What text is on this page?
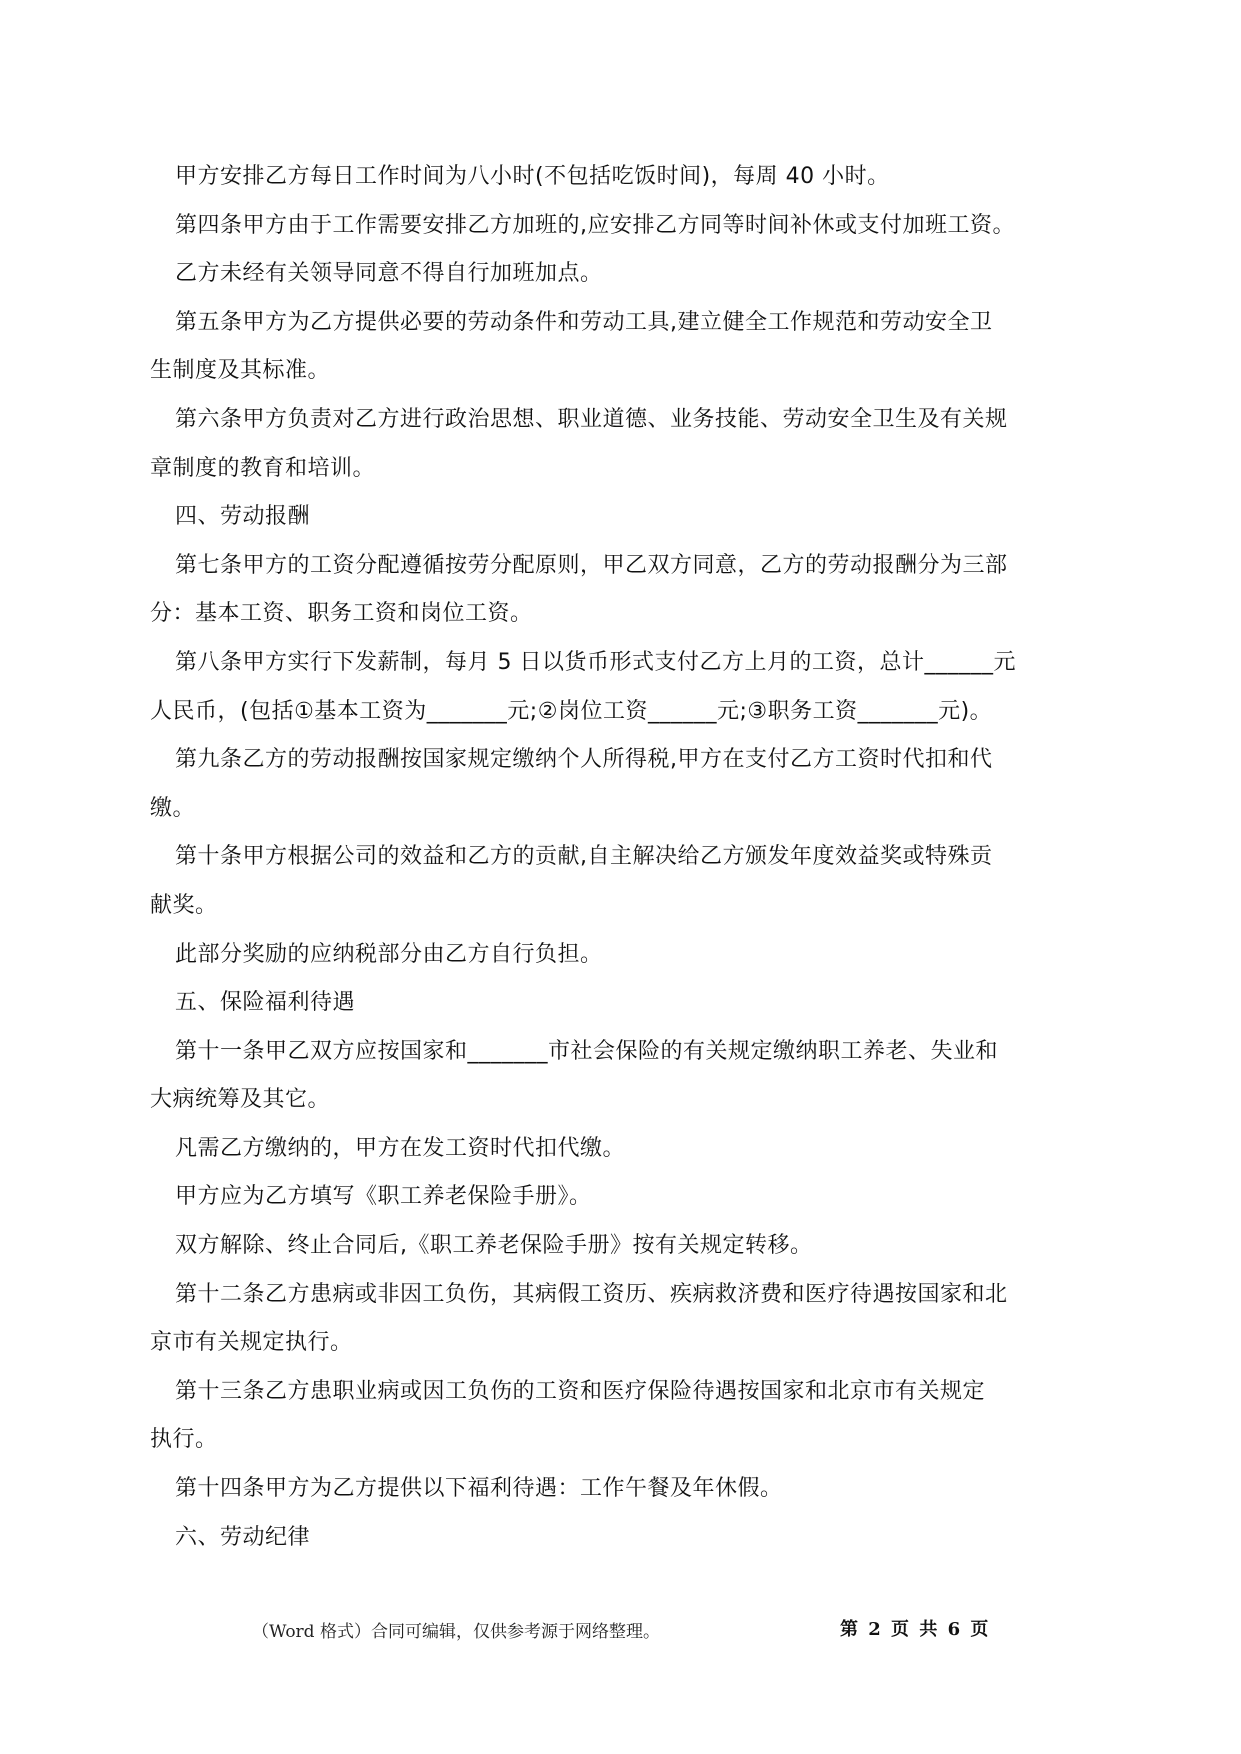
甲方安排乙方每日工作时间为八小时(不包括吃饭时间)，每周 40 小时。
第四条甲方由于工作需要安排乙方加班的,应安排乙方同等时间补休或支付加班工资。
乙方未经有关领导同意不得自行加班加点。
第五条甲方为乙方提供必要的劳动条件和劳动工具,建立健全工作规范和劳动安全卫
生制度及其标准。
第六条甲方负责对乙方进行政治思想、职业道德、业务技能、劳动安全卫生及有关规
章制度的教育和培训。
四、劳动报酬
第七条甲方的工资分配遵循按劳分配原则，甲乙双方同意，乙方的劳动报酬分为三部
分：基本工资、职务工资和岗位工资。
第八条甲方实行下发薪制，每月 5 日以货币形式支付乙方上月的工资，总计______元
人民币，(包括①基本工资为_______元;②岗位工资______元;③职务工资_______元)。
第九条乙方的劳动报酬按国家规定缴纳个人所得税,甲方在支付乙方工资时代扣和代
缴。
第十条甲方根据公司的效益和乙方的贡献,自主解决给乙方颁发年度效益奖或特殊贡
献奖。
此部分奖励的应纳税部分由乙方自行负担。
五、保险福利待遇
第十一条甲乙双方应按国家和_______市社会保险的有关规定缴纳职工养老、失业和
大病统筹及其它。
凡需乙方缴纳的，甲方在发工资时代扣代缴。
甲方应为乙方填写《职工养老保险手册》。
双方解除、终止合同后,《职工养老保险手册》按有关规定转移。
第十二条乙方患病或非因工负伤，其病假工资历、疾病救济费和医疗待遇按国家和北
京市有关规定执行。
第十三条乙方患职业病或因工负伤的工资和医疗保险待遇按国家和北京市有关规定
执行。
第十四条甲方为乙方提供以下福利待遇：工作午餐及年休假。
六、劳动纪律
（Word 格式）合同可编辑，仅供参考源于网络整理。	第 2 页 共 6 页
